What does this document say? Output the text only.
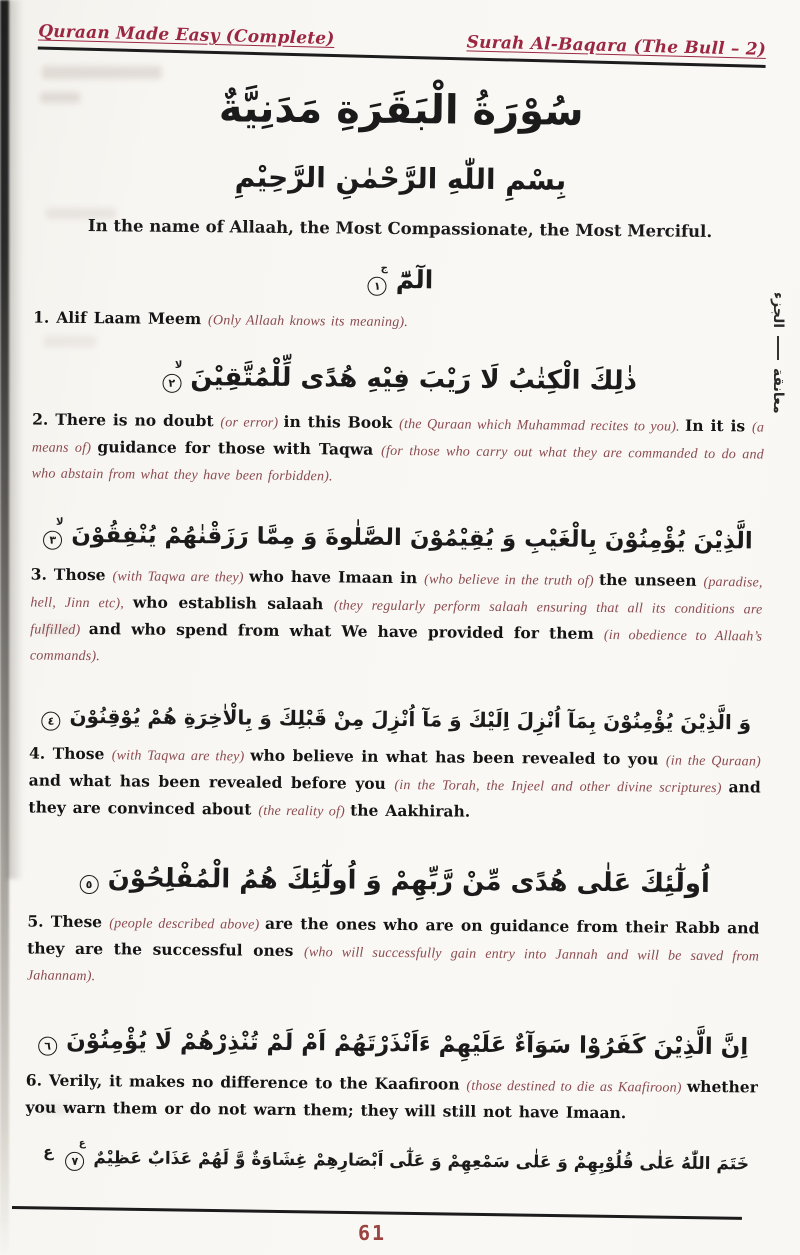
Quraan Made Easy (Complete)	Surah Al-Baqara (The Bull – 2)
سُوْرَةُ الْبَقَرَةِ مَدَنِيَّةٌ
بِسْمِ اللّٰهِ الرَّحْمٰنِ الرَّحِيْمِ
In the name of Allaah, the Most Compassionate, the Most Merciful.
الٓمّٓ١
ج

1. Alif Laam Meem (Only Allaah knows its meaning).

ذٰلِكَ الْكِتٰبُ لَا رَيْبَ فِيْهِ هُدًى لِّلْمُتَّقِيْنَ٢
لا

2. There is no doubt (or error) in this Book (the Quraan which Muhammad recites to you). In it is (a means of) guidance for those with Taqwa (for those who carry out what they are commanded to do and who abstain from what they have been forbidden).

الَّذِيْنَ يُؤْمِنُوْنَ بِالْغَيْبِ وَ يُقِيْمُوْنَ الصَّلٰوةَ وَ مِمَّا رَزَقْنٰهُمْ يُنْفِقُوْنَ٣
لا

3. Those (with Taqwa are they) who have Imaan in (who believe in the truth of) the unseen (paradise, hell, Jinn etc), who establish salaah (they regularly perform salaah ensuring that all its conditions are fulfilled) and who spend from what We have provided for them (in obedience to Allaah’s commands).

وَ الَّذِيْنَ يُؤْمِنُوْنَ بِمَآ اُنْزِلَ اِلَيْكَ وَ مَآ اُنْزِلَ مِنْ قَبْلِكَ وَ بِالْاٰخِرَةِ هُمْ يُوْقِنُوْنَ٤

4. Those (with Taqwa are they) who believe in what has been revealed to you (in the Quraan) and what has been revealed before you (in the Torah, the Injeel and other divine scriptures) and they are convinced about (the reality of) the Aakhirah.

اُولٰٓئِكَ عَلٰى هُدًى مِّنْ رَّبِّهِمْ وَ اُولٰٓئِكَ هُمُ الْمُفْلِحُوْنَ٥

5. These (people described above) are the ones who are on guidance from their Rabb and they are the successful ones (who will successfully gain entry into Jannah and will be saved from Jahannam).

اِنَّ الَّذِيْنَ كَفَرُوْا سَوَآءٌ عَلَيْهِمْ ءَاَنْذَرْتَهُمْ اَمْ لَمْ تُنْذِرْهُمْ لَا يُؤْمِنُوْنَ٦

6. Verily, it makes no difference to the Kaafiroon (those destined to die as Kaafiroon) whether you warn them or do not warn them; they will still not have Imaan.

خَتَمَ اللّٰهُ عَلٰى قُلُوْبِهِمْ وَ عَلٰى سَمْعِهِمْ وَ عَلٰٓى اَبْصَارِهِمْ غِشَاوَةٌ وَّ لَهُمْ عَذَابٌ عَظِيْمٌ٧
ع
ع
الجزء
معانقة
61
